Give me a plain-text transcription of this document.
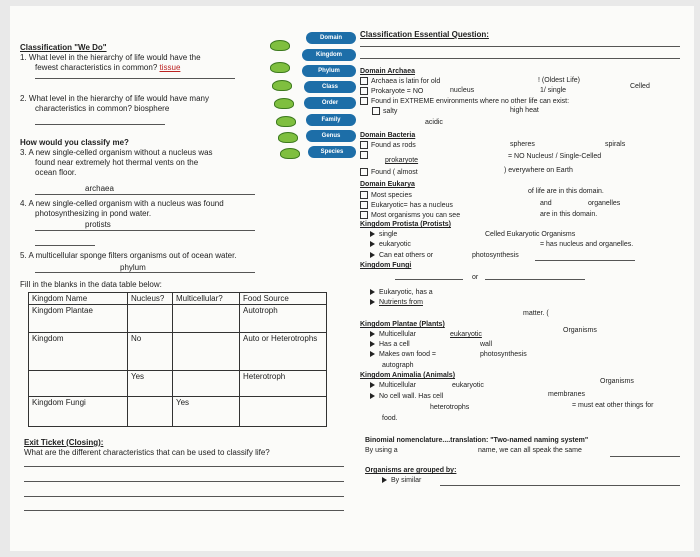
Classification "We Do"
1. What level in the hierarchy of life would have the
fewest characteristics in common? tissue
2. What level in the hierarchy of life would have many
characteristics in common? biosphere
How would you classify me?
3. A new single-celled organism without a nucleus was
found near extremely hot thermal vents on the
ocean floor.
archaea
4. A new single-celled organism with a nucleus was found
photosynthesizing in pond water.
protists
5. A multicellular sponge filters organisms out of ocean water.
phylum
Fill in the blanks in the data table below:
Kingdom Name	Nucleus?	Multicellular?	Food Source
Kingdom Plantae			Autotroph
Kingdom	No		Auto or Heterotrophs
	Yes		Heterotroph
Kingdom Fungi		Yes	
Exit Ticket (Closing):
What are the different characteristics that can be used to classify life?
Domain
Kingdom
Phylum
Class
Order
Family
Genus
Species
Classification Essential Question:
Domain Archaea
Archaea is latin for old	! (Oldest Life)
Prokaryote = NO	nucleus	1/ single
Celled
Found in EXTREME environments where no other life can exist:
salty	high heat
acidic
Domain Bacteria
Found as rods	spheres	spirals
prokaryote
= NO Nucleus! / Single-Celled
Found ( almost	) everywhere on Earth
Domain Eukarya
Most species
of life are in this domain.
Eukaryotic= has a nucleus	and	organelles
Most organisms you can see	are in this domain.
Kingdom Protista (Protists)
single	Celled Eukaryotic Organisms
eukaryotic	= has nucleus and organelles.
Can eat others or	photosynthesis
Kingdom Fungi
or
Eukaryotic, has a
Nutrients from
matter. (
Kingdom Plantae (Plants)
Multicellular	eukaryotic
Organisms
Has a cell	wall
Makes own food =	photosynthesis
autograph
Kingdom Animalia (Animals)
Multicellular	eukaryotic
Organisms
No cell wall. Has cell	membranes
heterotrophs	= must eat other things for
food.
Binomial nomenclature....translation: "Two-named naming system"
By using a	name, we can all speak the same
Organisms are grouped by:
By similar
